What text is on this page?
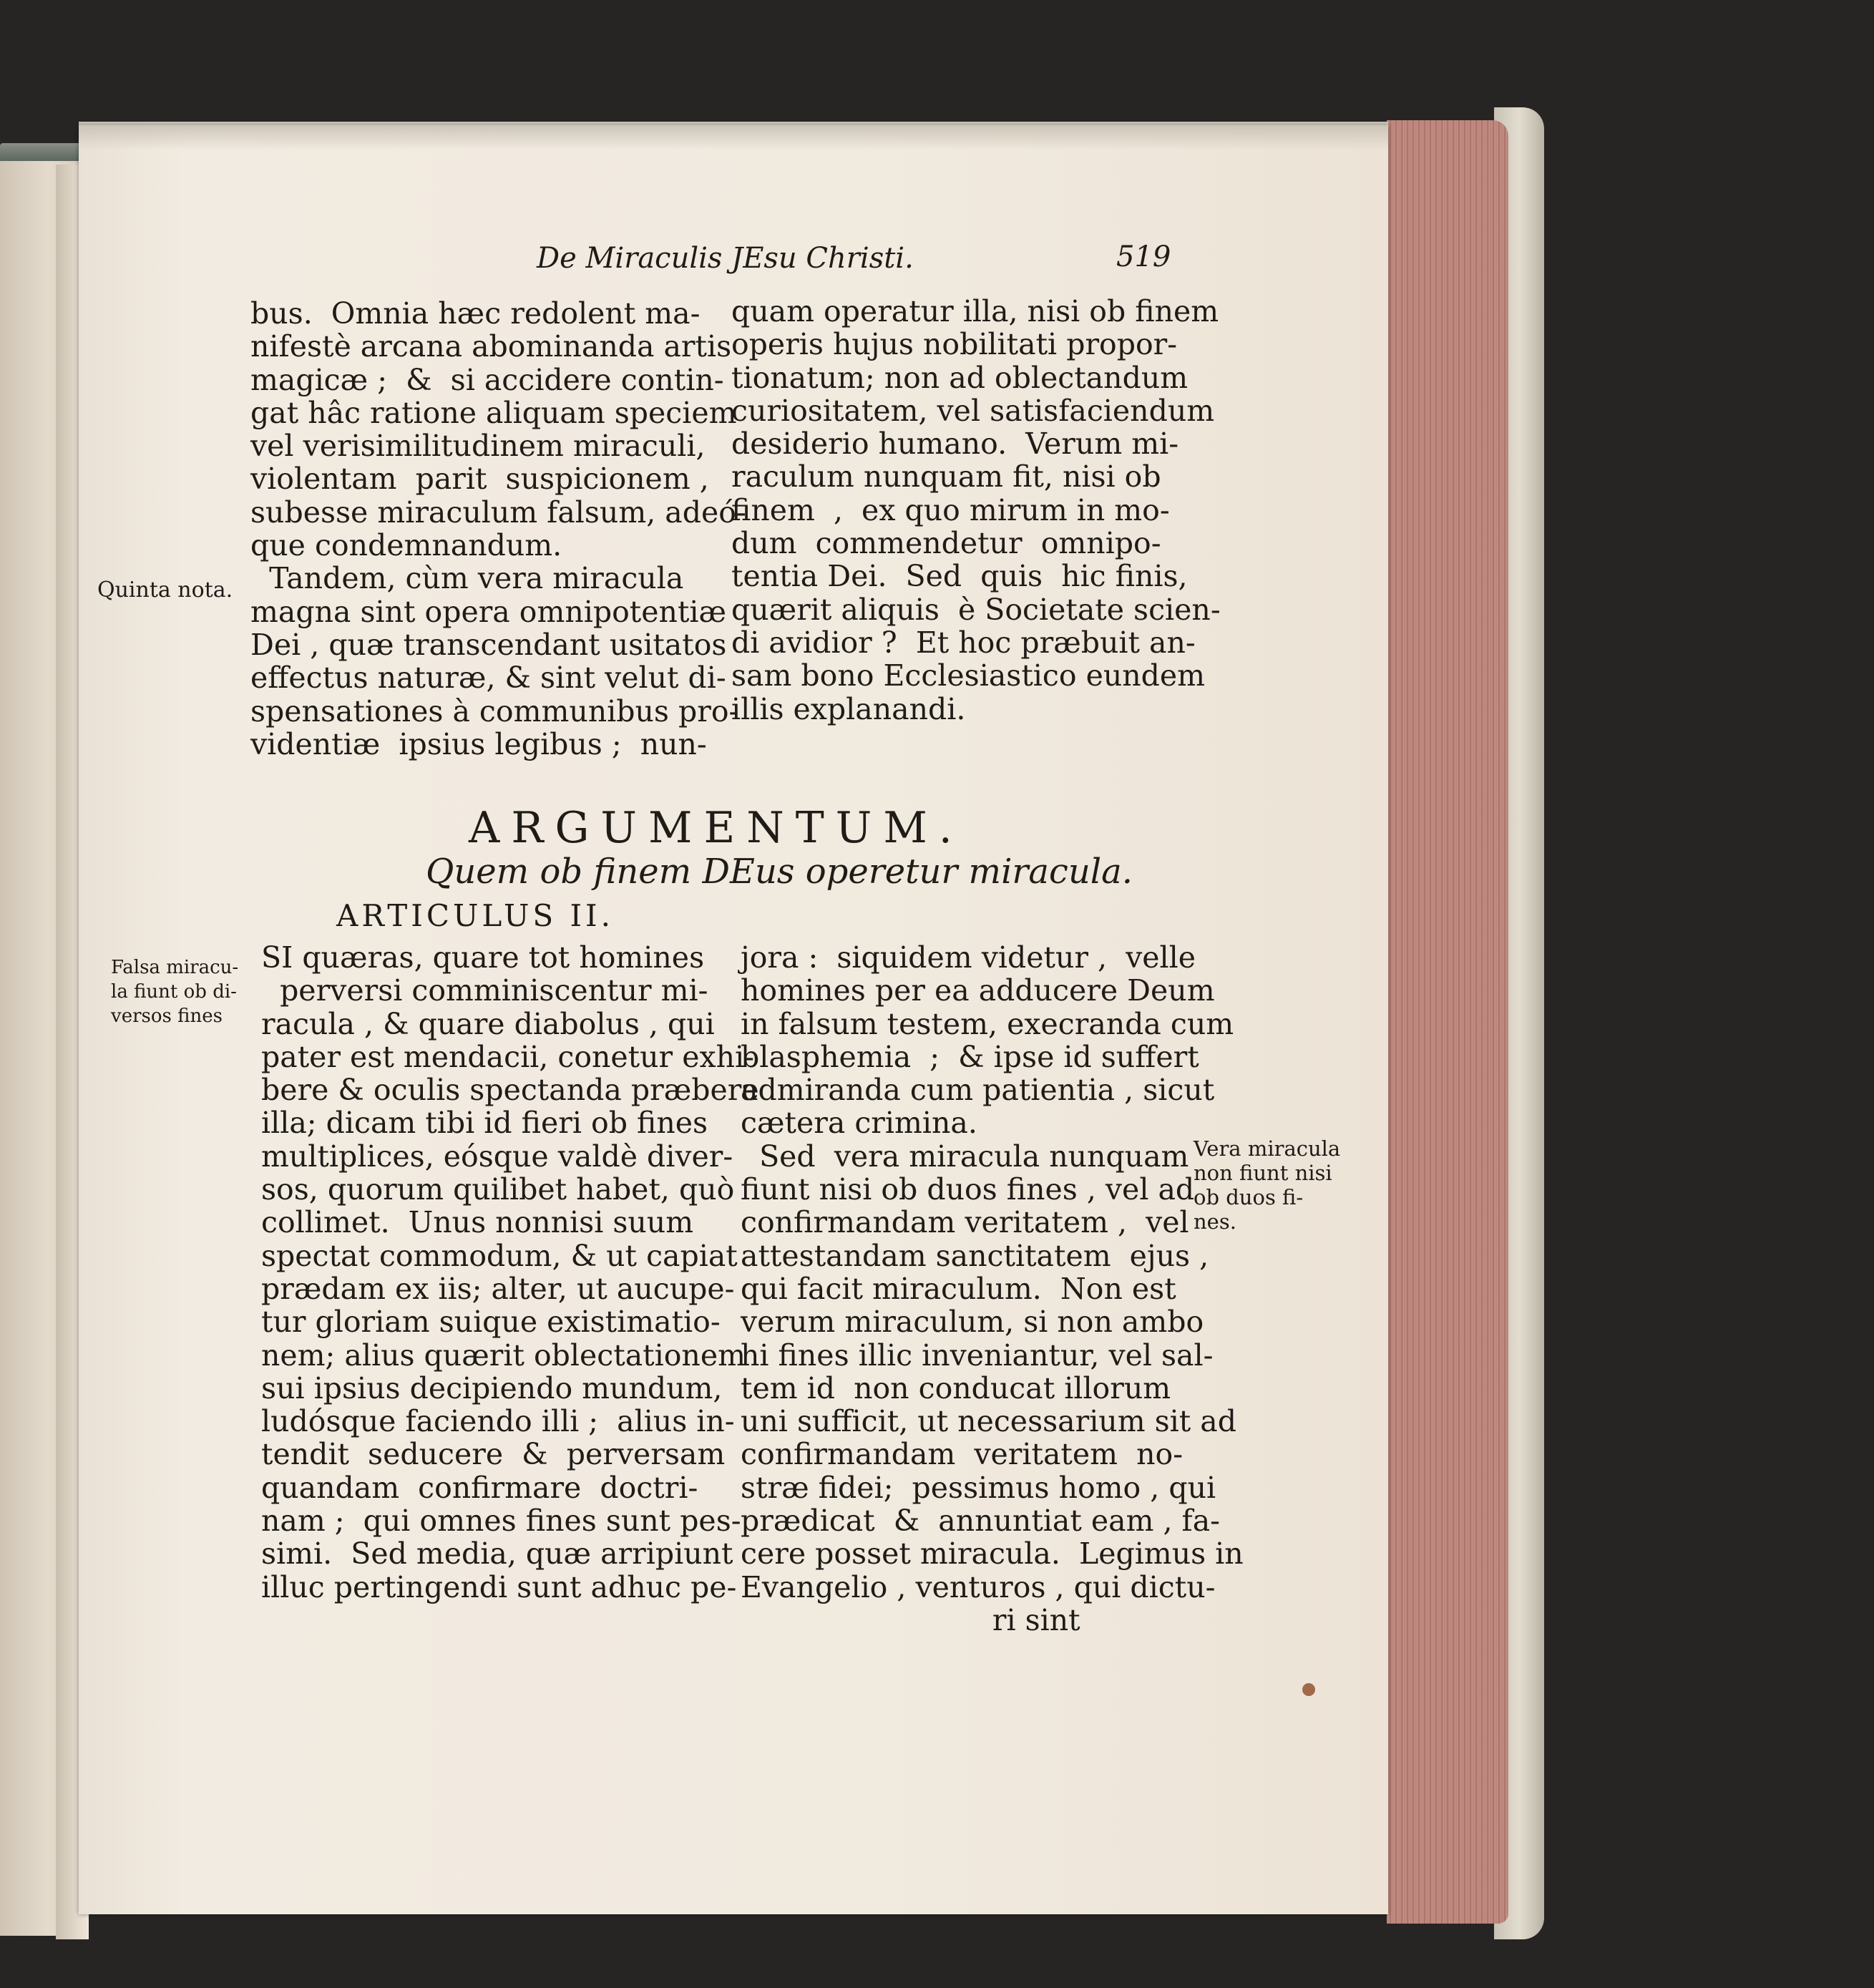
De Miraculis JEsu Christi.	519

bus.  Omnia hæc redolent ma-
nifestè arcana abominanda artis
magicæ ;  &  si accidere contin-
gat hâc ratione aliquam speciem
vel verisimilitudinem miraculi,
violentam  parit  suspicionem ,
subesse miraculum falsum, adeó-
que condemnandum.
Tandem, cùm vera miracula
magna sint opera omnipotentiæ
Dei , quæ transcendant usitatos
effectus naturæ, & sint velut di-
spensationes à communibus pro-
videntiæ  ipsius legibus ;  nun-

quam operatur illa, nisi ob finem
operis hujus nobilitati propor-
tionatum; non ad oblectandum
curiositatem, vel satisfaciendum
desiderio humano.  Verum mi-
raculum nunquam fit, nisi ob
finem  ,  ex quo mirum in mo-
dum  commendetur  omnipo-
tentia Dei.  Sed  quis  hic finis,
quærit aliquis  è Societate scien-
di avidior ?  Et hoc præbuit an-
sam bono Ecclesiastico eundem
illis explanandi.

Quinta nota.

ARGUMENTUM.

Quem ob finem DEus operetur miracula.

ARTICULUS II.

SI quæras, quare tot homines
perversi comminiscentur mi-
racula , & quare diabolus , qui
pater est mendacii, conetur exhi-
bere & oculis spectanda præbere
illa; dicam tibi id fieri ob fines
multiplices, eósque valdè diver-
sos, quorum quilibet habet, quò
collimet.  Unus nonnisi suum
spectat commodum, & ut capiat
prædam ex iis; alter, ut aucupe-
tur gloriam suique existimatio-
nem; alius quærit oblectationem
sui ipsius decipiendo mundum,
ludósque faciendo illi ;  alius in-
tendit  seducere  &  perversam
quandam  confirmare  doctri-
nam ;  qui omnes fines sunt pes-
simi.  Sed media, quæ arripiunt
illuc pertingendi sunt adhuc pe-

jora :  siquidem videtur ,  velle
homines per ea adducere Deum
in falsum testem, execranda cum
blasphemia  ;  & ipse id suffert
admiranda cum patientia , sicut
cætera crimina.
Sed  vera miracula nunquam
fiunt nisi ob duos fines , vel ad
confirmandam veritatem ,  vel
attestandam sanctitatem  ejus ,
qui facit miraculum.  Non est
verum miraculum, si non ambo
hi fines illic inveniantur, vel sal-
tem id  non conducat illorum
uni sufficit, ut necessarium sit ad
confirmandam  veritatem  no-
stræ fidei;  pessimus homo , qui
prædicat  &  annuntiat eam , fa-
cere posset miracula.  Legimus in
Evangelio , venturos , qui dictu-
ri sint

Falsa miracu-
la fiunt ob di-
versos fines

Vera miracula
non fiunt nisi
ob duos fi-
nes.
